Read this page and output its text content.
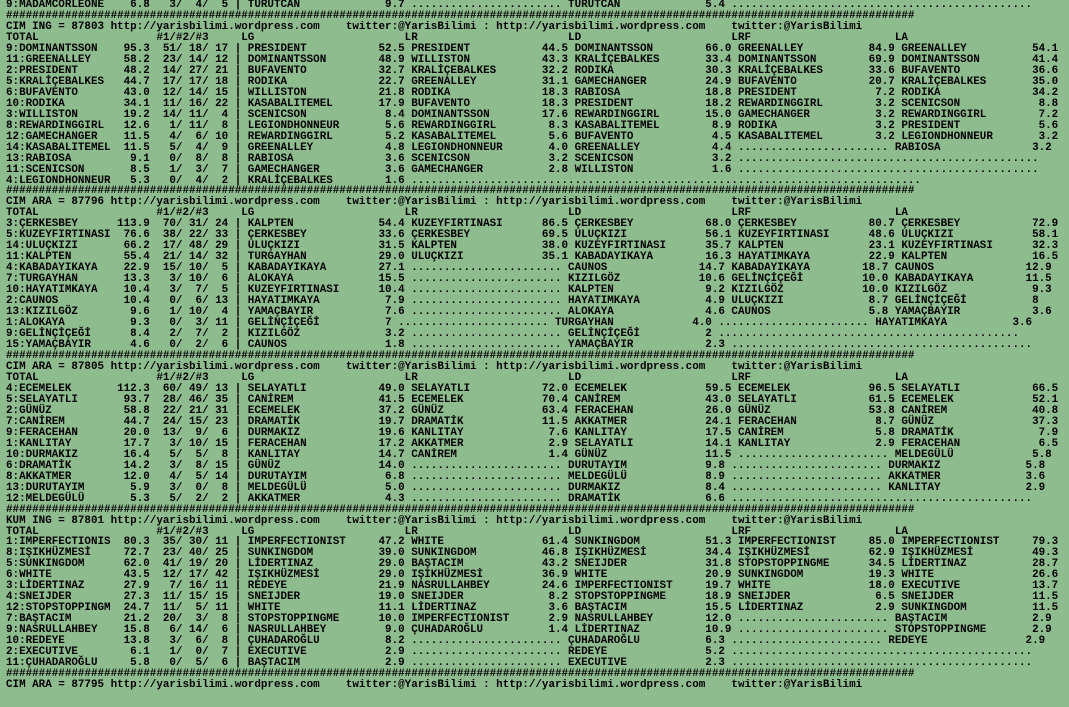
9:MADAMCORLEONE    6.8   3/  4/  5 | TÜRÜTCAN             9.7 ....................... TÜRÜTCAN             5.4 ..............................................
###########################################################################################################################################
CIM ING = 87803 http://yarisbilimi.wordpress.com    twitter:@YarisBilimi : http://yarisbilimi.wordpress.com    twitter:@YarisBilimi
TOTAL                  #1/#2/#3     LG                       LR                       LD                       LRF                      LA
9:DOMINANTSSON    95.3  51/ 18/ 17 | PRESIDENT           52.5 PRESIDENT           44.5 DOMINANTSSON        66.0 GREENALLEY          84.9 GREENALLEY          54.1
11:GREENALLEY     58.2  23/ 14/ 12 | DOMINANTSSON        48.9 WILLISTON           43.3 KRALİÇEBALKES       33.4 DOMINANTSSON        69.9 DOMINANTSSON        41.4
2:PRESIDENT       48.2  14/ 27/ 21 | BUFAVENTO           32.7 KRALİÇEBALKES       32.2 RODIKA              30.3 KRALİÇEBALKES       33.6 BUFAVENTO           36.6
5:KRALİÇEBALKES   44.7  17/ 17/ 18 | RODIKA              22.7 GREENALLEY          31.1 GAMECHANGER         24.9 BUFAVENTO           20.7 KRALİÇEBALKES       35.0
6:BUFAVENTO       43.0  12/ 14/ 15 | WILLISTON           21.8 RODIKA              18.3 RABIOSA             18.8 PRESIDENT            7.2 RODIKA              34.2
10:RODIKA         34.1  11/ 16/ 22 | KASABALITEMEL       17.9 BUFAVENTO           18.3 PRESIDENT           18.2 REWARDINGGIRL        3.2 SCENICSON            8.8
3:WILLISTON       19.2  14/ 11/  4 | SCENICSON            8.4 DOMINANTSSON        17.6 REWARDINGGIRL       15.0 GAMECHANGER          3.2 REWARDINGGIRL        7.2
8:REWARDINGGIRL   12.6   1/ 11/  8 | LEGIONDHONNEUR       5.6 REWARDINGGIRL        8.3 KASABALITEMEL        8.9 RODIKA               3.2 PRESIDENT            5.6
12:GAMECHANGER    11.5   4/  6/ 10 | REWARDINGGIRL        5.2 KASABALITEMEL        5.6 BUFAVENTO            4.5 KASABALITEMEL        3.2 LEGIONDHONNEUR       3.2
14:KASABALITEMEL  11.5   5/  4/  9 | GREENALLEY           4.8 LEGIONDHONNEUR       4.0 GREENALLEY           4.4 ....................... RABIOSA              3.2
13:RABIOSA         9.1   0/  8/  8 | RABIOSA              3.6 SCENICSON            3.2 SCENICSON            3.2 ..............................................
11:SCENICSON       8.5   1/  3/  7 | GAMECHANGER          3.6 GAMECHANGER          2.8 WILLISTON            1.6 ..............................................
4:LEGIONDHONNEUR   5.3   0/  4/  2 | KRALİÇEBALKES        1.6 ..............................................................................
###########################################################################################################################################
CIM ARA = 87796 http://yarisbilimi.wordpress.com    twitter:@YarisBilimi : http://yarisbilimi.wordpress.com    twitter:@YarisBilimi
TOTAL                  #1/#2/#3     LG                       LR                       LD                       LRF                      LA
3:ÇERKESBEY      113.9  70/ 31/ 24 | KALPTEN             54.4 KUZEYFIRTINASI      86.5 ÇERKESBEY           68.0 ÇERKESBEY           80.7 ÇERKESBEY           72.9
5:KUZEYFIRTINASI  76.6  38/ 22/ 33 | ÇERKESBEY           33.6 ÇERKESBEY           69.5 ULUÇKIZI            56.1 KUZEYFIRTINASI      48.6 ULUÇKIZI            58.1
14:ULUÇKIZI       66.2  17/ 48/ 29 | ULUÇKIZI            31.5 KALPTEN             38.0 KUZEYFIRTINASI      35.7 KALPTEN             23.1 KUZEYFIRTINASI      32.3
11:KALPTEN        55.4  21/ 14/ 32 | TURGAYHAN           29.0 ULUÇKIZI            35.1 KABADAYIKAYA        16.3 HAYATIMKAYA         22.9 KALPTEN             16.5
4:KABADAYIKAYA    22.9  15/ 10/  5 | KABADAYIKAYA        27.1 ....................... CAUNOS              14.7 KABADAYIKAYA        18.7 CAUNOS              12.9
7:TURGAYHAN       13.3   3/ 10/  6 | ALOKAYA             15.5 ....................... KIZILGÖZ            10.6 GELİNÇİÇEĞİ         10.0 KABADAYIKAYA        11.5
10:HAYATIMKAYA    10.4   3/  7/  5 | KUZEYFIRTINASI      10.4 ....................... KALPTEN              9.2 KIZILGÖZ            10.0 KIZILGÖZ             9.3
2:CAUNOS          10.4   0/  6/ 13 | HAYATIMKAYA          7.9 ....................... HAYATIMKAYA          4.9 ULUÇKIZI             8.7 GELİNÇİÇEĞİ          8
13:KIZILGÖZ        9.6   1/ 10/  4 | YAMAÇBAYIR           7.6 ....................... ALOKAYA              4.6 CAUNOS               5.8 YAMAÇBAYIR           3.6
1:ALOKAYA          9.3   0/  3/ 11 | GELİNÇİÇEĞİ          7 ....................... TURGAYHAN            4.0 ....................... HAYATIMKAYA          3.6
9:GELİNÇİÇEĞİ      8.4   2/  7/  2 | KIZILGÖZ             3.2 ....................... GELİNÇİÇEĞİ          2 ..............................................
15:YAMAÇBAYIR      4.6   0/  2/  6 | CAUNOS               1.8 ....................... YAMAÇBAYIR           2.3 ..............................................
###########################################################################################################################################
CIM ARA = 87805 http://yarisbilimi.wordpress.com    twitter:@YarisBilimi : http://yarisbilimi.wordpress.com    twitter:@YarisBilimi
TOTAL                  #1/#2/#3     LG                       LR                       LD                       LRF                      LA
4:ECEMELEK       112.3  60/ 49/ 13 | SELAYATLI           49.0 SELAYATLI           72.0 ECEMELEK            59.5 ECEMELEK            96.5 SELAYATLI           66.5
5:SELAYATLI       93.7  28/ 46/ 35 | CANİREM             41.5 ECEMELEK            70.4 CANİREM             43.0 SELAYATLI           61.5 ECEMELEK            52.1
2:GÜNÜZ           58.8  22/ 21/ 31 | ECEMELEK            37.2 GÜNÜZ               63.4 FERACEHAN           26.0 GÜNÜZ               53.8 CANİREM             40.8
7:CANİREM         44.7  24/ 15/ 23 | DRAMATİK            19.7 DRAMATİK            11.5 AKKATMER            24.1 FERACEHAN            8.7 GÜNÜZ               37.3
9:FERACEHAN       20.0  13/  9/  6 | DURMAKIZ            19.6 KANLITAY             7.6 KANLITAY            17.5 CANİREM              5.8 DRAMATİK             7.9
1:KANLITAY        17.7   3/ 10/ 15 | FERACEHAN           17.2 AKKATMER             2.9 SELAYATLI           14.1 KANLITAY             2.9 FERACEHAN            6.5
10:DURMAKIZ       16.4   5/  5/  8 | KANLITAY            14.7 CANİREM              1.4 GÜNÜZ               11.5 ....................... MELDEGÜLÜ            5.8
6:DRAMATİK        14.2   3/  8/ 15 | GÜNÜZ               14.0 ....................... DURUTAYIM            9.8 ....................... DURMAKIZ             5.8
8:AKKATMER        12.0   4/  5/ 14 | DURUTAYIM            6.8 ....................... MELDEGÜLÜ            8.9 ....................... AKKATMER             3.6
13:DURUTAYIM       5.9   3/  0/  8 | MELDEGÜLÜ            5.0 ....................... DURMAKIZ             8.4 ....................... KANLITAY             2.9
12:MELDEGÜLÜ       5.3   5/  2/  2 | AKKATMER             4.3 ....................... DRAMATİK             6.6 ..............................................
###########################################################################################################################################
KUM ING = 87801 http://yarisbilimi.wordpress.com    twitter:@YarisBilimi : http://yarisbilimi.wordpress.com    twitter:@YarisBilimi
TOTAL                  #1/#2/#3     LG                       LR                       LD                       LRF                      LA
1:IMPERFECTIONIS  80.3  35/ 30/ 11 | IMPERFECTIONIST     47.2 WHITE               61.4 SUNKINGDOM          51.3 IMPERFECTIONIST     85.0 IMPERFECTIONIST     79.3
8:IŞIKHÜZMESİ     72.7  23/ 40/ 25 | SUNKINGDOM          39.0 SUNKINGDOM          46.8 IŞIKHÜZMESİ         34.4 IŞIKHÜZMESİ         62.9 IŞIKHÜZMESİ         49.3
5:SUNKINGDOM      62.0  41/ 19/ 20 | LİDERTINAZ          29.0 BAŞTACIM            43.2 SNEIJDER            31.8 STOPSTOPPINGME      34.5 LİDERTINAZ          28.7
6:WHITE           43.5  12/ 17/ 42 | IŞIKHÜZMESİ         29.0 IŞIKHÜZMESİ         36.9 WHITE               20.9 SUNKINGDOM          19.3 WHITE               26.6
3:LİDERTINAZ      27.9   7/ 16/ 11 | REDEYE              21.9 NASRULLAHBEY        24.6 IMPERFECTIONIST     19.7 WHITE               18.0 EXECUTIVE           13.7
4:SNEIJDER        27.3  11/ 15/ 15 | SNEIJDER            19.0 SNEIJDER             8.2 STOPSTOPPINGME      18.9 SNEIJDER             6.5 SNEIJDER            11.5
12:STOPSTOPPINGM  24.7  11/  5/ 11 | WHITE               11.1 LİDERTINAZ           3.6 BAŞTACIM            15.5 LİDERTINAZ           2.9 SUNKINGDOM          11.5
7:BAŞTACIM        21.2  20/  3/  8 | STOPSTOPPINGME      10.0 IMPERFECTIONIST      2.9 NASRULLAHBEY        12.0 ....................... BAŞTACIM             2.9
9:NASRULLAHBEY    15.8   6/ 14/  6 | NASRULLAHBEY         9.0 ÇUHADAROĞLU          1.4 LİDERTINAZ          10.9 ....................... STOPSTOPPINGME       2.9
10:REDEYE         13.8   3/  6/  8 | ÇUHADAROĞLU          8.2 ....................... ÇUHADAROĞLU          6.3 ....................... REDEYE               2.9
2:EXECUTIVE        6.1   1/  0/  7 | EXECUTIVE            2.9 ....................... REDEYE               5.2 ..............................................
11:ÇUHADAROĞLU     5.8   0/  5/  6 | BAŞTACIM             2.9 ....................... EXECUTIVE            2.3 ..............................................
###########################################################################################################################################
CIM ARA = 87795 http://yarisbilimi.wordpress.com    twitter:@YarisBilimi : http://yarisbilimi.wordpress.com    twitter:@YarisBilimi
